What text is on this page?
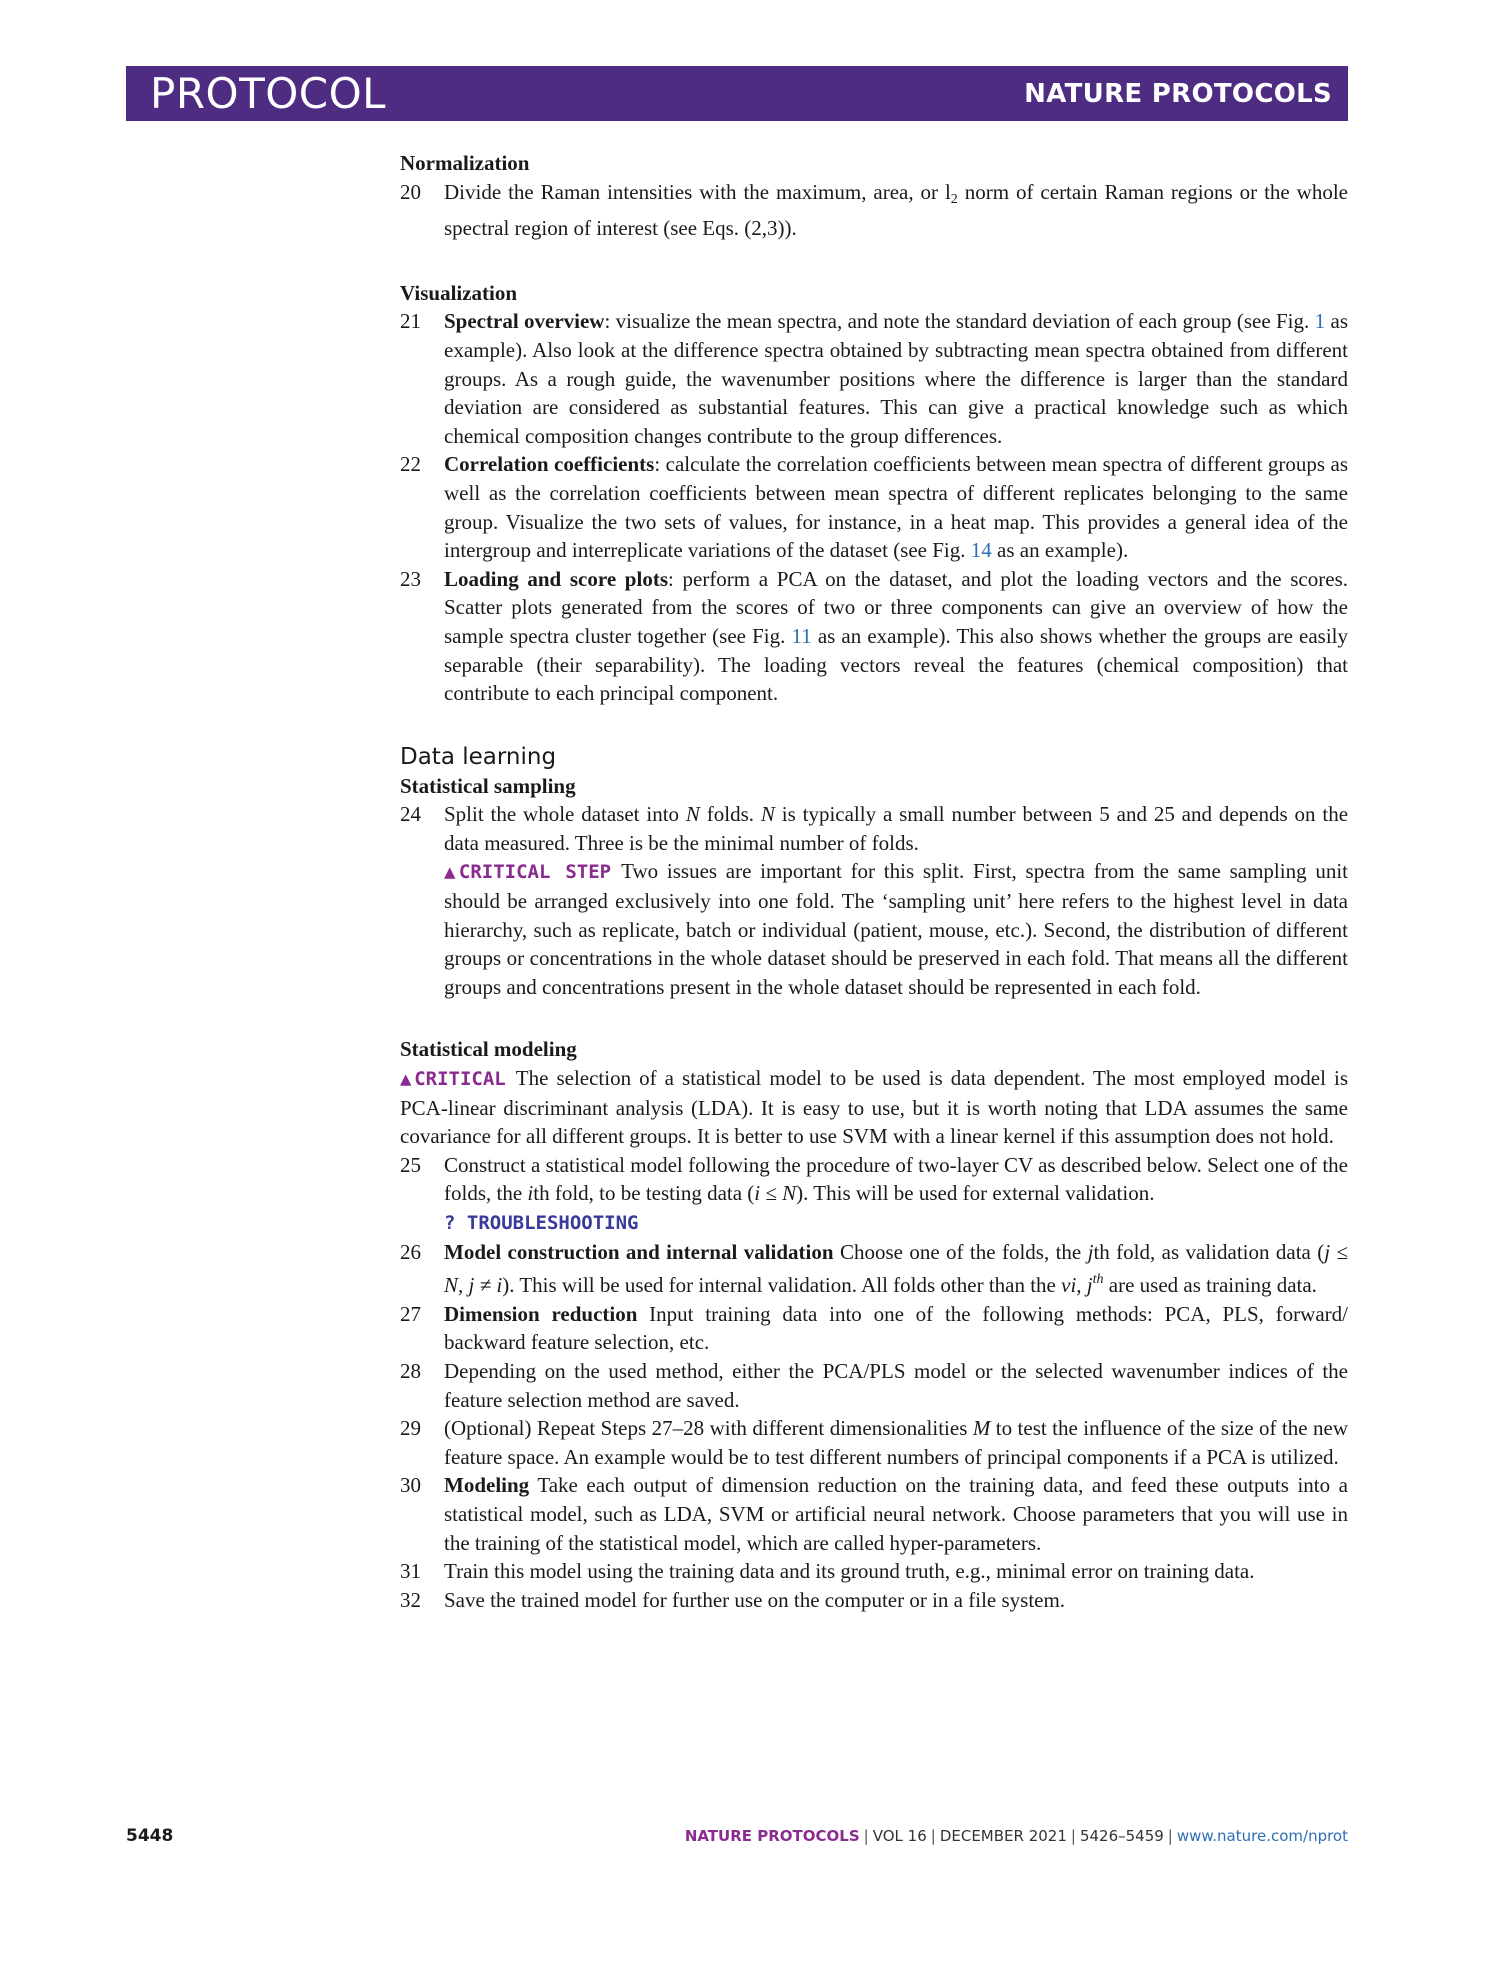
PROTOCOL	NATURE PROTOCOLS

Normalization

20 Divide the Raman intensities with the maximum, area, or $l_2$ norm of certain Raman regions or the whole spectral region of interest (see Eqs. (2,3)).

Visualization

21 Spectral overview: visualize the mean spectra, and note the standard deviation of each group (see Fig. 1 as example). Also look at the difference spectra obtained by subtracting mean spectra obtained from different groups. As a rough guide, the wavenumber positions where the difference is larger than the standard deviation are considered as substantial features. This can give a practical knowledge such as which chemical composition changes contribute to the group differences.

22 Correlation coefficients: calculate the correlation coefficients between mean spectra of different groups as well as the correlation coefficients between mean spectra of different replicates belonging to the same group. Visualize the two sets of values, for instance, in a heat map. This provides a general idea of the intergroup and interreplicate variations of the dataset (see Fig. 14 as an example).

23 Loading and score plots: perform a PCA on the dataset, and plot the loading vectors and the scores. Scatter plots generated from the scores of two or three components can give an overview of how the sample spectra cluster together (see Fig. 11 as an example). This also shows whether the groups are easily separable (their separability). The loading vectors reveal the features (chemical composition) that contribute to each principal component.

Data learning

Statistical sampling

24 Split the whole dataset into N folds. N is typically a small number between 5 and 25 and depends on the data measured. Three is be the minimal number of folds.

▲CRITICAL STEP Two issues are important for this split. First, spectra from the same sampling unit should be arranged exclusively into one fold. The ‘sampling unit’ here refers to the highest level in data hierarchy, such as replicate, batch or individual (patient, mouse, etc.). Second, the distribution of different groups or concentrations in the whole dataset should be preserved in each fold. That means all the different groups and concentrations present in the whole dataset should be represented in each fold.

Statistical modeling

▲CRITICAL The selection of a statistical model to be used is data dependent. The most employed model is PCA-linear discriminant analysis (LDA). It is easy to use, but it is worth noting that LDA assumes the same covariance for all different groups. It is better to use SVM with a linear kernel if this assumption does not hold.

25 Construct a statistical model following the procedure of two-layer CV as described below. Select one of the folds, the ith fold, to be testing data (i ≤ N). This will be used for external validation.

? TROUBLESHOOTING

26 Model construction and internal validation Choose one of the folds, the jth fold, as validation data (j ≤ N, j ≠ i). This will be used for internal validation. All folds other than the vi, $j^{th}$ are used as training data.

27 Dimension reduction Input training data into one of the following methods: PCA, PLS, forward/ backward feature selection, etc.

28 Depending on the used method, either the PCA/PLS model or the selected wavenumber indices of the feature selection method are saved.

29 (Optional) Repeat Steps 27–28 with different dimensionalities M to test the influence of the size of the new feature space. An example would be to test different numbers of principal components if a PCA is utilized.

30 Modeling Take each output of dimension reduction on the training data, and feed these outputs into a statistical model, such as LDA, SVM or artificial neural network. Choose parameters that you will use in the training of the statistical model, which are called hyper-parameters.

31 Train this model using the training data and its ground truth, e.g., minimal error on training data.

32 Save the trained model for further use on the computer or in a file system.

5448	NATURE PROTOCOLS | VOL 16 | DECEMBER 2021 | 5426–5459 | www.nature.com/nprot
